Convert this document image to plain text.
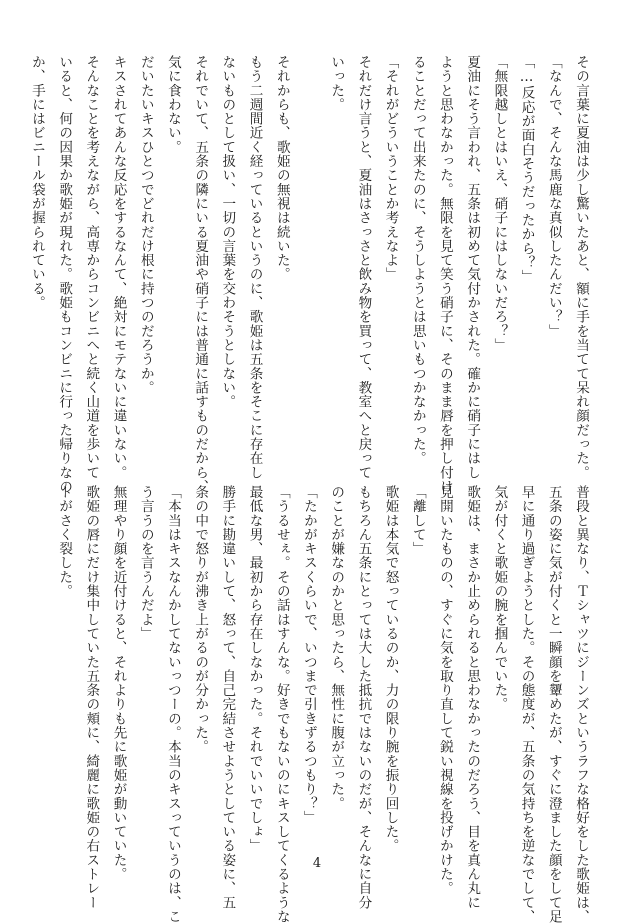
その言葉に夏油は少し驚いたあと、額に手を当てて呆れ顔だった。
「なんで、そんな馬鹿な真似したんだい？」
「…反応が面白そうだったから？」
「無限越しとはいえ、硝子にはしないだろ？」
夏油にそう言われ、五条は初めて気付かされた。確かに硝子にはし
ようと思わなかった。無限を見て笑う硝子に、そのまま唇を押し付け
ることだって出来たのに、そうしようとは思いもつかなかった。
「それがどういうことか考えなよ」
それだけ言うと、夏油はさっさと飲み物を買って、教室へと戻って
いった。

それからも、歌姫の無視は続いた。
もう二週間近く経っているというのに、歌姫は五条をそこに存在し
ないものとして扱い、一切の言葉を交わそうとしない。
それでいて、五条の隣にいる夏油や硝子には普通に話すものだから、
気に食わない。
だいたいキスひとつでどれだけ根に持つのだろうか。
キスされてあんな反応をするなんて、絶対にモテないに違いない。
そんなことを考えながら、高専からコンビニへと続く山道を歩いて
いると、何の因果か歌姫が現れた。歌姫もコンビニに行った帰りなの
か、手にはビニール袋が握られている。
普段と異なり、Ｔシャツにジーンズというラフな格好をした歌姫は、
五条の姿に気が付くと一瞬顔を顰めたが、すぐに澄ました顔をして足
早に通り過ぎようとした。その態度が、五条の気持ちを逆なでして、
気が付くと歌姫の腕を掴んでいた。
歌姫は、まさか止められると思わなかったのだろう、目を真ん丸に
見開いたものの、すぐに気を取り直して鋭い視線を投げかけた。
「離して」
歌姫は本気で怒っているのか、力の限り腕を振り回した。
もちろん五条にとっては大した抵抗ではないのだが、そんなに自分
のことが嫌なのかと思ったら、無性に腹が立った。
「たかがキスくらいで、いつまで引きずるつもり？」
「うるせぇ。その話はすんな。好きでもないのにキスしてくるような
最低な男、最初から存在しなかった。それでいいでしょ」
勝手に勘違いして、怒って、自己完結させようとしている姿に、五
条の中で怒りが沸き上がるのが分かった。
「本当はキスなんかしてないっつーの。本当のキスっていうのは、こ
う言うのを言うんだよ」
無理やり顔を近付けると、それよりも先に歌姫が動いていた。
歌姫の唇にだけ集中していた五条の頬に、綺麗に歌姫の右ストレー
トがさく裂した。
4
